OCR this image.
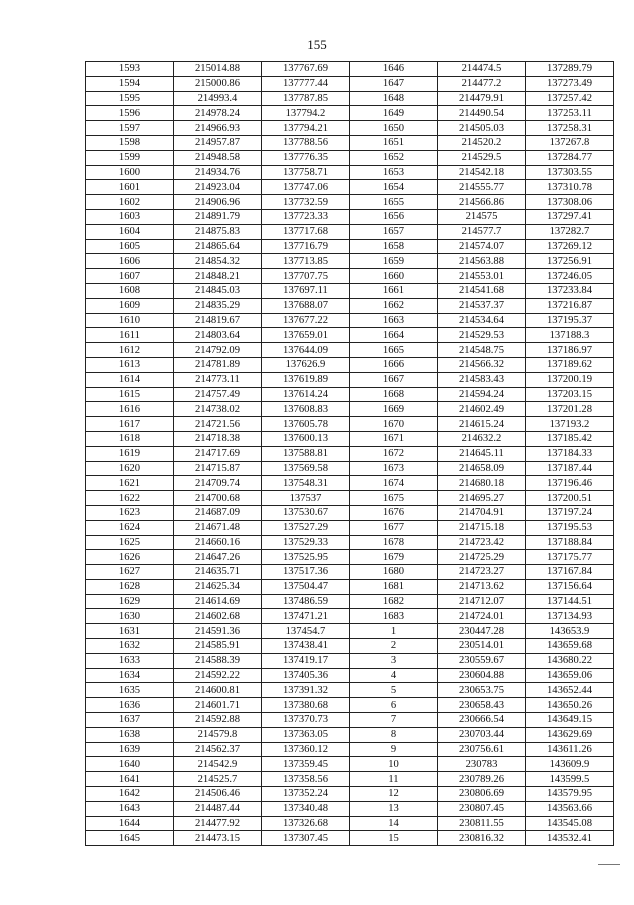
155
1593	215014.88	137767.69	1646	214474.5	137289.79
1594	215000.86	137777.44	1647	214477.2	137273.49
1595	214993.4	137787.85	1648	214479.91	137257.42
1596	214978.24	137794.2	1649	214490.54	137253.11
1597	214966.93	137794.21	1650	214505.03	137258.31
1598	214957.87	137788.56	1651	214520.2	137267.8
1599	214948.58	137776.35	1652	214529.5	137284.77
1600	214934.76	137758.71	1653	214542.18	137303.55
1601	214923.04	137747.06	1654	214555.77	137310.78
1602	214906.96	137732.59	1655	214566.86	137308.06
1603	214891.79	137723.33	1656	214575	137297.41
1604	214875.83	137717.68	1657	214577.7	137282.7
1605	214865.64	137716.79	1658	214574.07	137269.12
1606	214854.32	137713.85	1659	214563.88	137256.91
1607	214848.21	137707.75	1660	214553.01	137246.05
1608	214845.03	137697.11	1661	214541.68	137233.84
1609	214835.29	137688.07	1662	214537.37	137216.87
1610	214819.67	137677.22	1663	214534.64	137195.37
1611	214803.64	137659.01	1664	214529.53	137188.3
1612	214792.09	137644.09	1665	214548.75	137186.97
1613	214781.89	137626.9	1666	214566.32	137189.62
1614	214773.11	137619.89	1667	214583.43	137200.19
1615	214757.49	137614.24	1668	214594.24	137203.15
1616	214738.02	137608.83	1669	214602.49	137201.28
1617	214721.56	137605.78	1670	214615.24	137193.2
1618	214718.38	137600.13	1671	214632.2	137185.42
1619	214717.69	137588.81	1672	214645.11	137184.33
1620	214715.87	137569.58	1673	214658.09	137187.44
1621	214709.74	137548.31	1674	214680.18	137196.46
1622	214700.68	137537	1675	214695.27	137200.51
1623	214687.09	137530.67	1676	214704.91	137197.24
1624	214671.48	137527.29	1677	214715.18	137195.53
1625	214660.16	137529.33	1678	214723.42	137188.84
1626	214647.26	137525.95	1679	214725.29	137175.77
1627	214635.71	137517.36	1680	214723.27	137167.84
1628	214625.34	137504.47	1681	214713.62	137156.64
1629	214614.69	137486.59	1682	214712.07	137144.51
1630	214602.68	137471.21	1683	214724.01	137134.93
1631	214591.36	137454.7	1	230447.28	143653.9
1632	214585.91	137438.41	2	230514.01	143659.68
1633	214588.39	137419.17	3	230559.67	143680.22
1634	214592.22	137405.36	4	230604.88	143659.06
1635	214600.81	137391.32	5	230653.75	143652.44
1636	214601.71	137380.68	6	230658.43	143650.26
1637	214592.88	137370.73	7	230666.54	143649.15
1638	214579.8	137363.05	8	230703.44	143629.69
1639	214562.37	137360.12	9	230756.61	143611.26
1640	214542.9	137359.45	10	230783	143609.9
1641	214525.7	137358.56	11	230789.26	143599.5
1642	214506.46	137352.24	12	230806.69	143579.95
1643	214487.44	137340.48	13	230807.45	143563.66
1644	214477.92	137326.68	14	230811.55	143545.08
1645	214473.15	137307.45	15	230816.32	143532.41
